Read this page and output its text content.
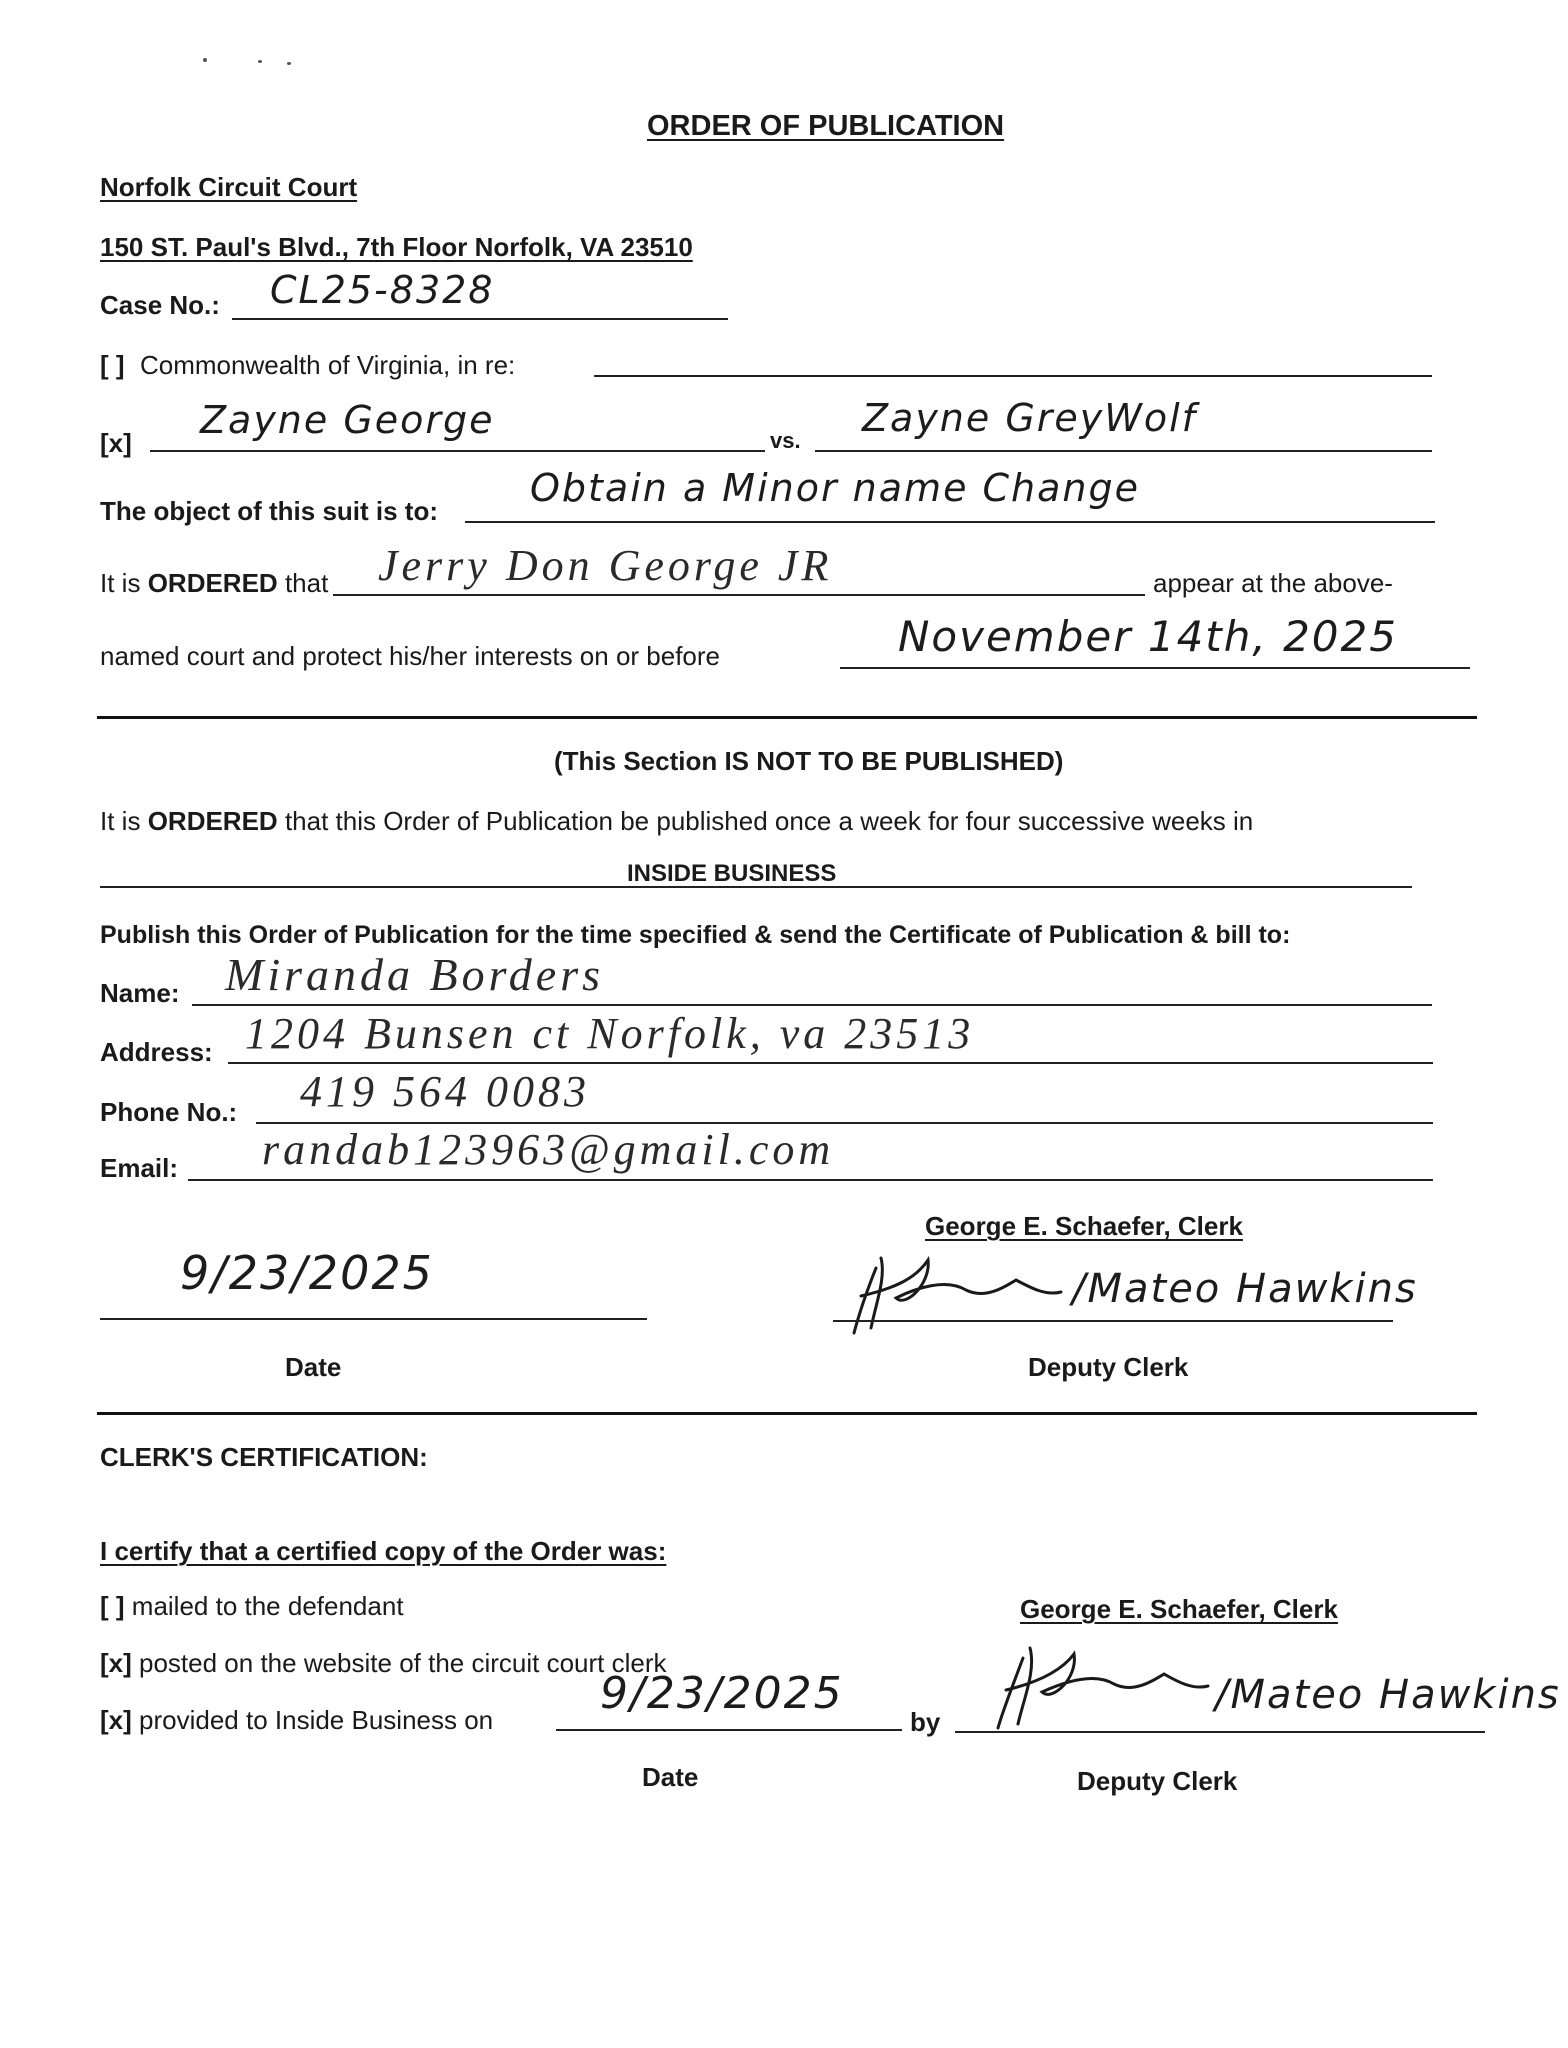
ORDER OF PUBLICATION
Norfolk Circuit Court
150 ST. Paul's Blvd., 7th Floor Norfolk, VA 23510
Case No.: CL25-8328
[ ] Commonwealth of Virginia, in re:
[x]
Zayne George	vs.
Zayne GreyWolf
The object of this suit is to:
Obtain a Minor name Change
It is ORDERED that Jerry Don George JR	appear at the above-
named court and protect his/her interests on or before	November 14th, 2025
(This Section IS NOT TO BE PUBLISHED)
It is ORDERED that this Order of Publication be published once a week for four successive weeks in
INSIDE BUSINESS
Publish this Order of Publication for the time specified & send the Certificate of Publication & bill to:
Name: Miranda Borders
Address: 1204 Bunsen ct Norfolk, va 23513
Phone No.: 419 564 0083
Email: randab123963@gmail.com
George E. Schaefer, Clerk
9/23/2025
Date
/Mateo Hawkins
Deputy Clerk
CLERK'S CERTIFICATION:
I certify that a certified copy of the Order was:
[ ] mailed to the defendant
[x] posted on the website of the circuit court clerk
[x] provided to Inside Business on
9/23/2025
Date
by
George E. Schaefer, Clerk
/Mateo Hawkins
Deputy Clerk
